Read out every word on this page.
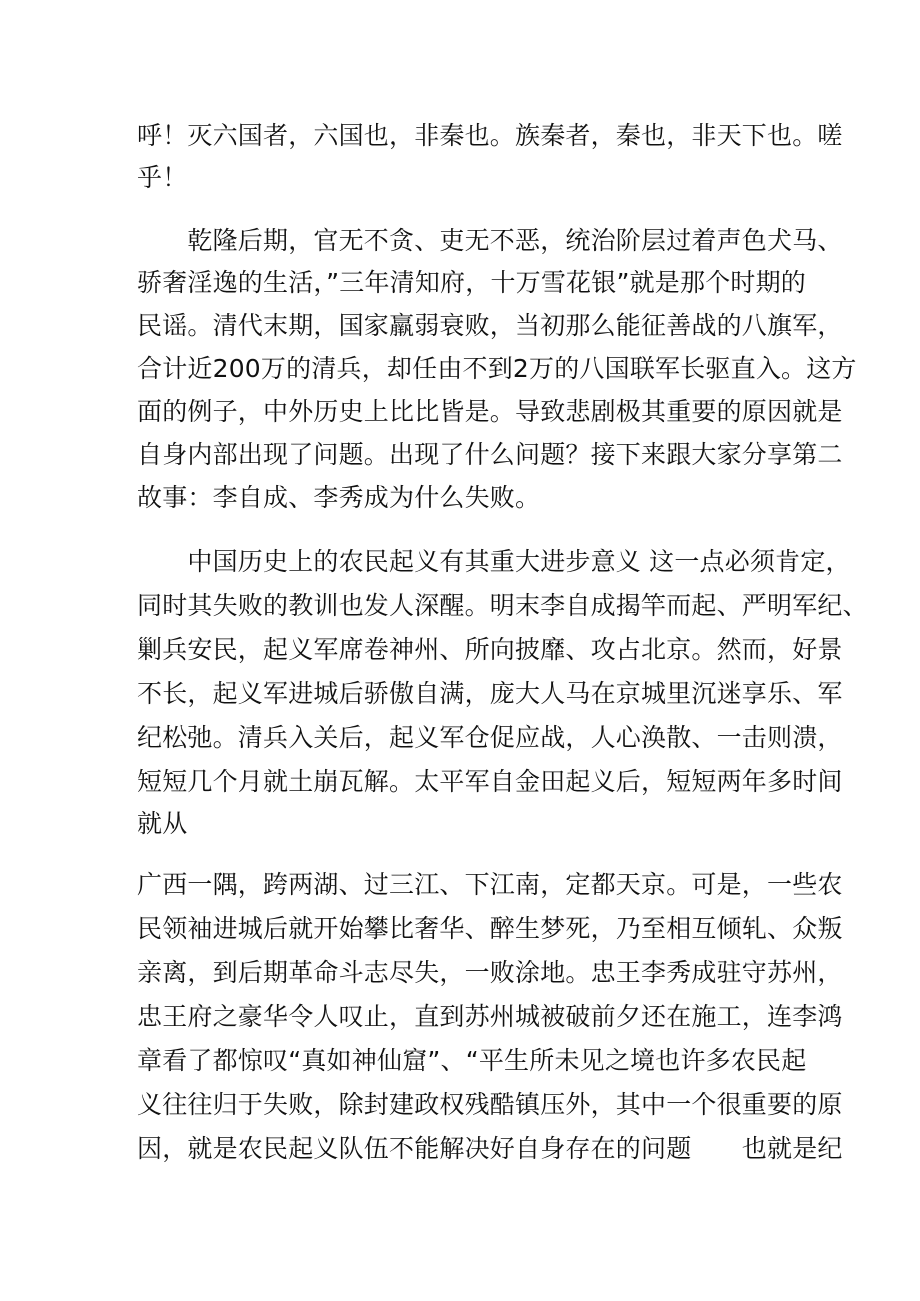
呼！灭六国者，六国也，非秦也。族秦者，秦也，非天下也。嗟
乎！
　　乾隆后期，官无不贪、吏无不恶，统治阶层过着声色犬马、
骄奢淫逸的生活，”三年清知府，十万雪花银”就是那个时期的
民谣。清代末期，国家羸弱衰败，当初那么能征善战的八旗军，
合计近200万的清兵，却任由不到2万的八国联军长驱直入。这方
面的例子，中外历史上比比皆是。导致悲剧极其重要的原因就是
自身内部出现了问题。出现了什么问题？接下来跟大家分享第二
故事：李自成、李秀成为什么失败。
　　中国历史上的农民起义有其重大进步意义 这一点必须肯定，
同时其失败的教训也发人深醒。明末李自成揭竿而起、严明军纪、
剿兵安民，起义军席卷神州、所向披靡、攻占北京。然而，好景
不长，起义军进城后骄傲自满，庞大人马在京城里沉迷享乐、军
纪松弛。清兵入关后，起义军仓促应战，人心涣散、一击则溃，
短短几个月就土崩瓦解。太平军自金田起义后，短短两年多时间
就从
广西一隅，跨两湖、过三江、下江南，定都天京。可是，一些农
民领袖进城后就开始攀比奢华、醉生梦死，乃至相互倾轧、众叛
亲离，到后期革命斗志尽失，一败涂地。忠王李秀成驻守苏州，
忠王府之豪华令人叹止，直到苏州城被破前夕还在施工，连李鸿
章看了都惊叹“真如神仙窟”、“平生所未见之境也许多农民起
义往往归于失败，除封建政权残酷镇压外，其中一个很重要的原
因，就是农民起义队伍不能解决好自身存在的问题　　也就是纪
